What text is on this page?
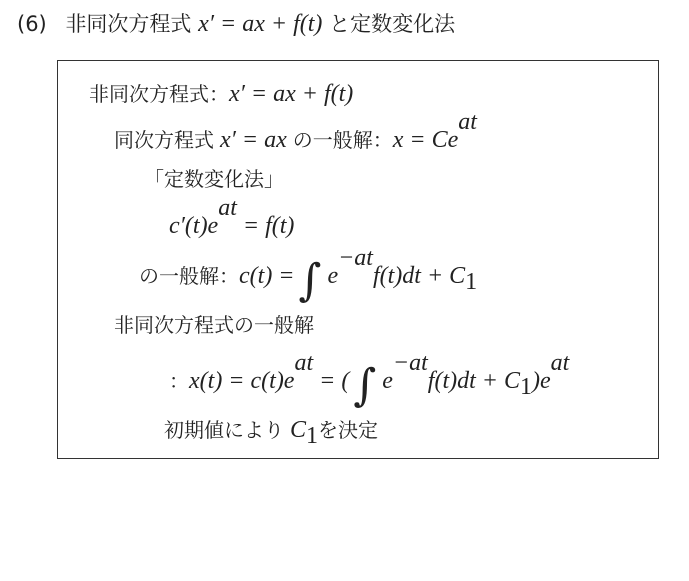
(6) 非同次方程式 x′ = ax + f(t) と定数変化法
非同次方程式：x′ = ax + f(t)
同次方程式 x′ = ax の一般解：$x = Ce^{at}$
「定数変化法」
$c'(t)e^{at} = f(t)$
の一般解：c(t) =∫ $e^{-at}f(t)dt + C_1$
非同次方程式の一般解
：$x(t) = c(t)e^{at}$ = (∫ $e^{-at}f(t)dt + C_1)e^{at}$
初期値により $C_1$を決定
